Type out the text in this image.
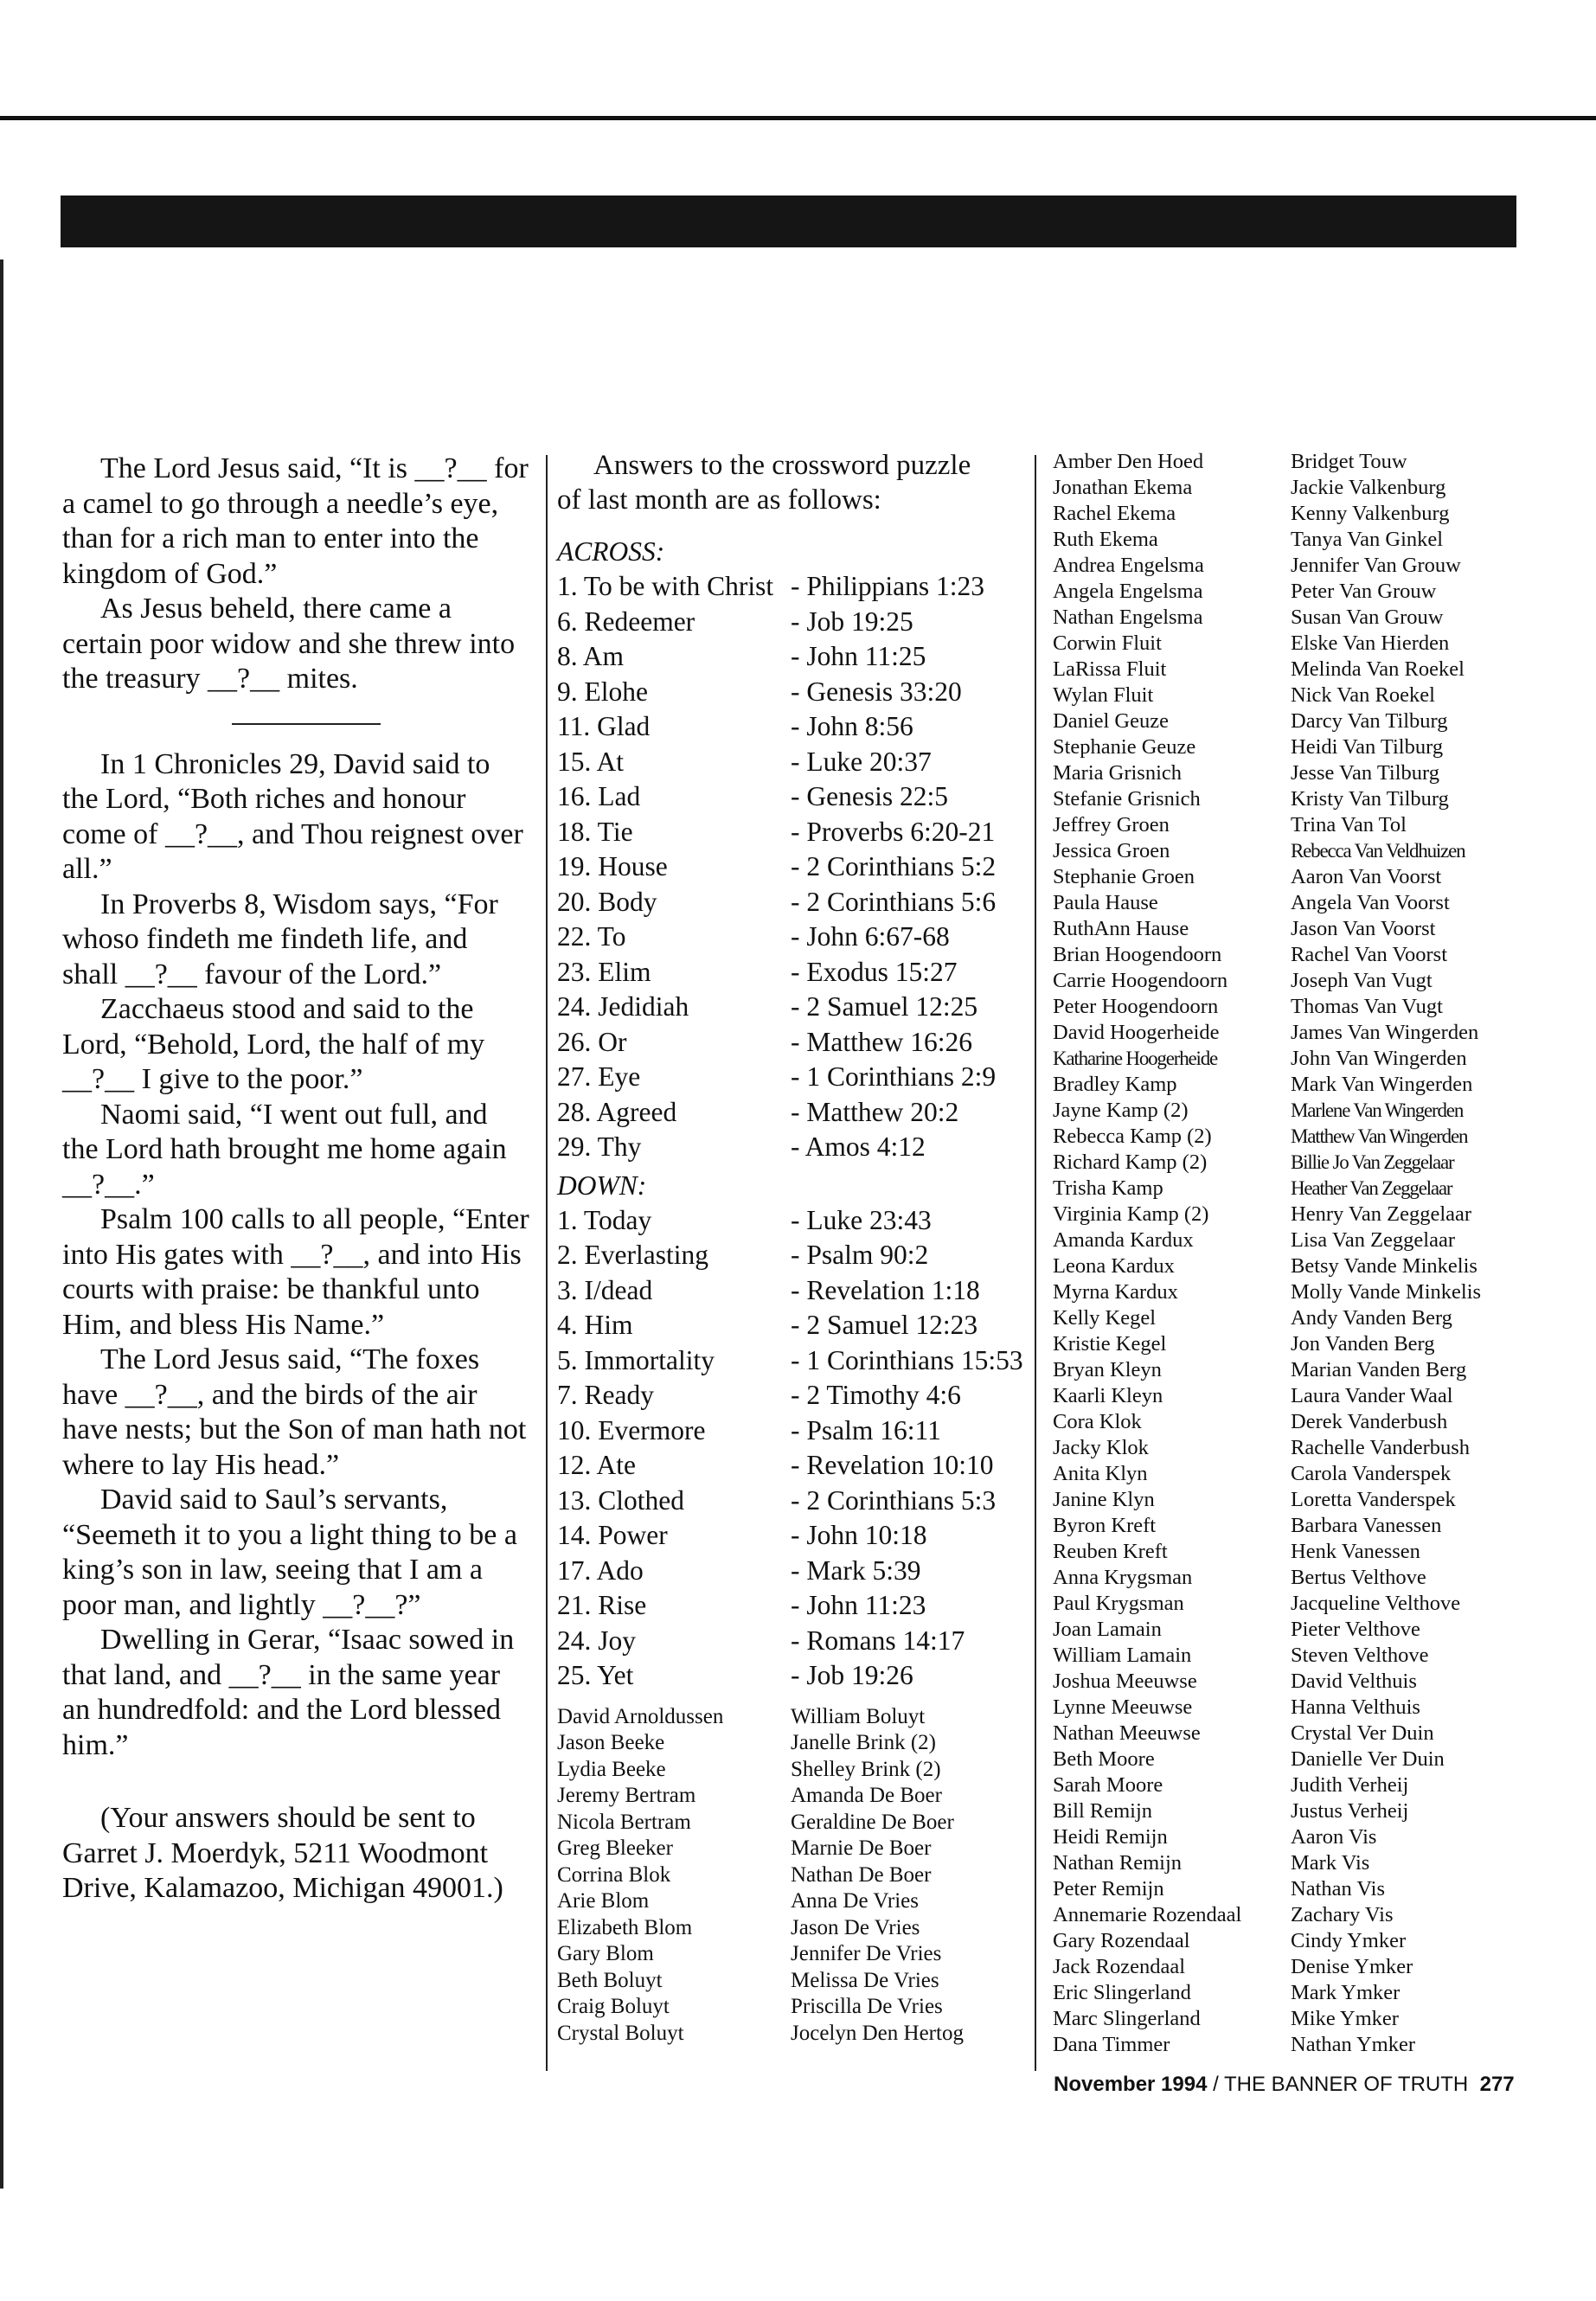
The Lord Jesus said, “It is __?__ for a camel to go through a needle’s eye, than for a rich man to enter into the kingdom of God.”

As Jesus beheld, there came a certain poor widow and she threw into the treasury __?__ mites.

In 1 Chronicles 29, David said to the Lord, “Both riches and honour come of __?__, and Thou reignest over all.”

In Proverbs 8, Wisdom says, “For whoso findeth me findeth life, and shall __?__ favour of the Lord.”

Zacchaeus stood and said to the Lord, “Behold, Lord, the half of my __?__ I give to the poor.”

Naomi said, “I went out full, and the Lord hath brought me home again __?__.”

Psalm 100 calls to all people, “Enter into His gates with __?__, and into His courts with praise: be thankful unto Him, and bless His Name.”

The Lord Jesus said, “The foxes have __?__, and the birds of the air have nests; but the Son of man hath not where to lay His head.”

David said to Saul’s servants, “Seemeth it to you a light thing to be a king’s son in law, seeing that I am a poor man, and lightly __?__?”

Dwelling in Gerar, “Isaac sowed in that land, and __?__ in the same year an hundredfold: and the Lord blessed him.”

(Your answers should be sent to Garret J. Moerdyk, 5211 Woodmont Drive, Kalamazoo, Michigan 49001.)

Answers to the crossword puzzle
of last month are as follows:

ACROSS:
1. To be with Christ - Philippians 1:23
6. Redeemer	- Job 19:25
8. Am	- John 11:25
9. Elohe	- Genesis 33:20
11. Glad	- John 8:56
15. At	- Luke 20:37
16. Lad	- Genesis 22:5
18. Tie	- Proverbs 6:20-21
19. House	- 2 Corinthians 5:2
20. Body	- 2 Corinthians 5:6
22. To	- John 6:67-68
23. Elim	- Exodus 15:27
24. Jedidiah	- 2 Samuel 12:25
26. Or	- Matthew 16:26
27. Eye	- 1 Corinthians 2:9
28. Agreed	- Matthew 20:2
29. Thy	- Amos 4:12
DOWN:
1. Today	- Luke 23:43
2. Everlasting	- Psalm 90:2
3. I/dead	- Revelation 1:18
4. Him	- 2 Samuel 12:23
5. Immortality	- 1 Corinthians 15:53
7. Ready	- 2 Timothy 4:6
10. Evermore	- Psalm 16:11
12. Ate	- Revelation 10:10
13. Clothed	- 2 Corinthians 5:3
14. Power	- John 10:18
17. Ado	- Mark 5:39
21. Rise	- John 11:23
24. Joy	- Romans 14:17
25. Yet	- Job 19:26
David Arnoldussen
Jason Beeke
Lydia Beeke
Jeremy Bertram
Nicola Bertram
Greg Bleeker
Corrina Blok
Arie Blom
Elizabeth Blom
Gary Blom
Beth Boluyt
Craig Boluyt
Crystal Boluyt
William Boluyt
Janelle Brink (2)
Shelley Brink (2)
Amanda De Boer
Geraldine De Boer
Marnie De Boer
Nathan De Boer
Anna De Vries
Jason De Vries
Jennifer De Vries
Melissa De Vries
Priscilla De Vries
Jocelyn Den Hertog
Amber Den Hoed
Jonathan Ekema
Rachel Ekema
Ruth Ekema
Andrea Engelsma
Angela Engelsma
Nathan Engelsma
Corwin Fluit
LaRissa Fluit
Wylan Fluit
Daniel Geuze
Stephanie Geuze
Maria Grisnich
Stefanie Grisnich
Jeffrey Groen
Jessica Groen
Stephanie Groen
Paula Hause
RuthAnn Hause
Brian Hoogendoorn
Carrie Hoogendoorn
Peter Hoogendoorn
David Hoogerheide
Katharine Hoogerheide
Bradley Kamp
Jayne Kamp (2)
Rebecca Kamp (2)
Richard Kamp (2)
Trisha Kamp
Virginia Kamp (2)
Amanda Kardux
Leona Kardux
Myrna Kardux
Kelly Kegel
Kristie Kegel
Bryan Kleyn
Kaarli Kleyn
Cora Klok
Jacky Klok
Anita Klyn
Janine Klyn
Byron Kreft
Reuben Kreft
Anna Krygsman
Paul Krygsman
Joan Lamain
William Lamain
Joshua Meeuwse
Lynne Meeuwse
Nathan Meeuwse
Beth Moore
Sarah Moore
Bill Remijn
Heidi Remijn
Nathan Remijn
Peter Remijn
Annemarie Rozendaal
Gary Rozendaal
Jack Rozendaal
Eric Slingerland
Marc Slingerland
Dana Timmer
Bridget Touw
Jackie Valkenburg
Kenny Valkenburg
Tanya Van Ginkel
Jennifer Van Grouw
Peter Van Grouw
Susan Van Grouw
Elske Van Hierden
Melinda Van Roekel
Nick Van Roekel
Darcy Van Tilburg
Heidi Van Tilburg
Jesse Van Tilburg
Kristy Van Tilburg
Trina Van Tol
Rebecca Van Veldhuizen
Aaron Van Voorst
Angela Van Voorst
Jason Van Voorst
Rachel Van Voorst
Joseph Van Vugt
Thomas Van Vugt
James Van Wingerden
John Van Wingerden
Mark Van Wingerden
Marlene Van Wingerden
Matthew Van Wingerden
Billie Jo Van Zeggelaar
Heather Van Zeggelaar
Henry Van Zeggelaar
Lisa Van Zeggelaar
Betsy Vande Minkelis
Molly Vande Minkelis
Andy Vanden Berg
Jon Vanden Berg
Marian Vanden Berg
Laura Vander Waal
Derek Vanderbush
Rachelle Vanderbush
Carola Vanderspek
Loretta Vanderspek
Barbara Vanessen
Henk Vanessen
Bertus Velthove
Jacqueline Velthove
Pieter Velthove
Steven Velthove
David Velthuis
Hanna Velthuis
Crystal Ver Duin
Danielle Ver Duin
Judith Verheij
Justus Verheij
Aaron Vis
Mark Vis
Nathan Vis
Zachary Vis
Cindy Ymker
Denise Ymker
Mark Ymker
Mike Ymker
Nathan Ymker
November 1994 / THE BANNER OF TRUTH 277
